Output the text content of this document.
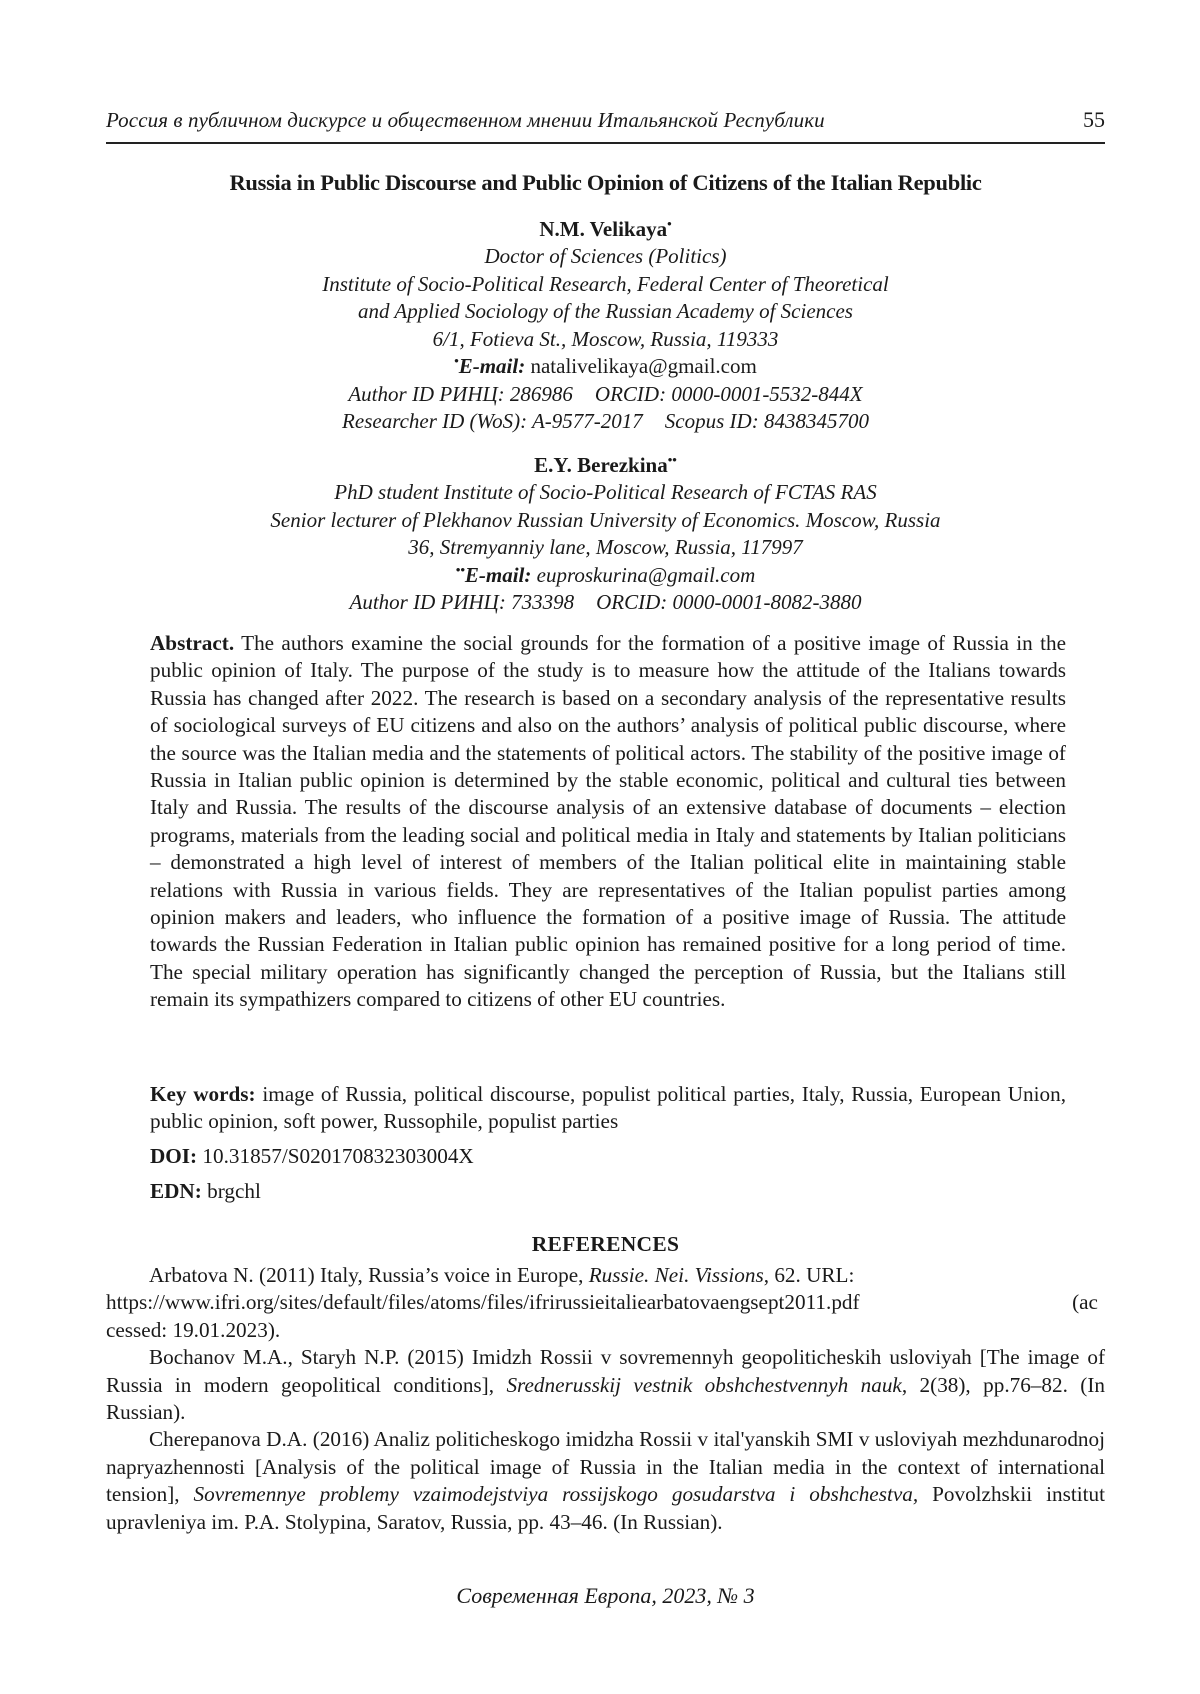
Россия в публичном дискурсе и общественном мнении Итальянской Республики	55
Russia in Public Discourse and Public Opinion of Citizens of the Italian Republic
N.M. Velikaya•
Doctor of Sciences (Politics)
Institute of Socio-Political Research, Federal Center of Theoretical
and Applied Sociology of the Russian Academy of Sciences
6/1, Fotieva St., Moscow, Russia, 119333
•E-mail: natalivelikaya@gmail.com
Author ID РИНЦ: 286986 ORCID: 0000-0001-5532-844X
Researcher ID (WoS): A-9577-2017 Scopus ID: 8438345700
E.Y. Berezkina••
PhD student Institute of Socio-Political Research of FCTAS RAS
Senior lecturer of Plekhanov Russian University of Economics. Moscow, Russia
36, Stremyanniy lane, Moscow, Russia, 117997
••E-mail: euproskurina@gmail.com
Author ID РИНЦ: 733398 ORCID: 0000-0001-8082-3880
Abstract. The authors examine the social grounds for the formation of a positive image of Russia in the public opinion of Italy. The purpose of the study is to measure how the attitude of the Italians towards Russia has changed after 2022. The research is based on a secondary analysis of the representative results of sociological surveys of EU citizens and also on the authors’ analysis of political public discourse, where the source was the Italian media and the statements of political actors. The stability of the positive image of Russia in Italian public opinion is determined by the stable economic, political and cultural ties between Italy and Russia. The results of the discourse analysis of an extensive database of documents – election programs, materials from the leading social and political media in Italy and statements by Italian politicians – demonstrated a high level of interest of members of the Italian political elite in maintaining stable relations with Russia in various fields. They are representatives of the Italian populist parties among opinion makers and leaders, who influence the formation of a positive image of Russia. The attitude towards the Russian Federation in Italian public opinion has remained positive for a long period of time. The special military operation has significantly changed the perception of Russia, but the Italians still remain its sympathizers compared to citizens of other EU countries.
Key words: image of Russia, political discourse, populist political parties, Italy, Russia, European Union, public opinion, soft power, Russophile, populist parties
DOI: 10.31857/S020170832303004X
EDN: brgchl
REFERENCES
Arbatova N. (2011) Italy, Russia’s voice in Europe, Russie. Nei. Vissions, 62. URL:
https://www.ifri.org/sites/default/files/atoms/files/ifrirussieitaliearbatovaengsept2011.pdf	(ac
cessed: 19.01.2023).
Bochanov M.A., Staryh N.P. (2015) Imidzh Rossii v sovremennyh geopoliticheskih usloviyah [The image of Russia in modern geopolitical conditions], Srednerusskij vestnik obshchestvennyh nauk, 2(38), pp.76–82. (In Russian).
Cherepanova D.A. (2016) Analiz politicheskogo imidzha Rossii v ital'yanskih SMI v usloviyah mezhdunarodnoj napryazhennosti [Analysis of the political image of Russia in the Italian media in the context of international tension], Sovremennye problemy vzaimodejstviya rossijskogo gosudarstva i obshchestva, Povolzhskii institut upravleniya im. P.A. Stolypina, Saratov, Russia, pp. 43–46. (In Russian).
Современная Европа, 2023, № 3
